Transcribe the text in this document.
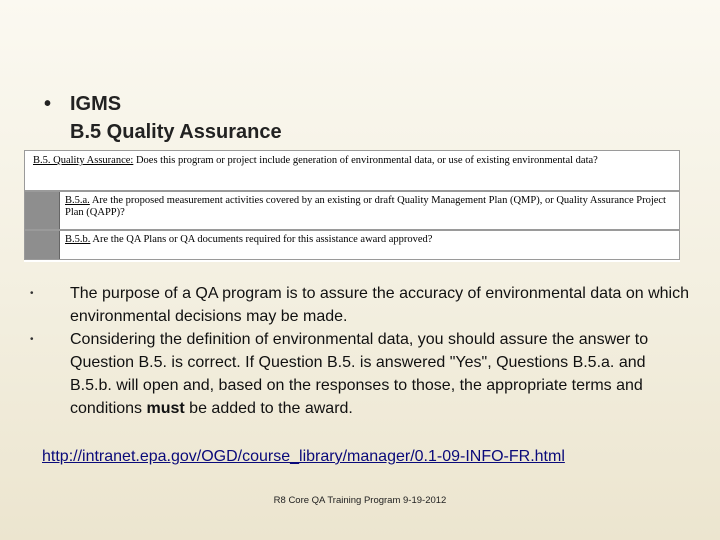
• IGMS
B.5 Quality Assurance
B.5. Quality Assurance: Does this program or project include generation of environmental data, or use of existing environmental data?
B.5.a. Are the proposed measurement activities covered by an existing or draft Quality Management Plan (QMP), or Quality Assurance Project Plan (QAPP)?
B.5.b. Are the QA Plans or QA documents required for this assistance award approved?

• The purpose of a QA program is to assure the accuracy of environmental data on which environmental decisions may be made.

• Considering the definition of environmental data, you should assure the answer to Question B.5. is correct. If Question B.5. is answered "Yes", Questions B.5.a. and B.5.b. will open and, based on the responses to those, the appropriate terms and conditions must be added to the award.

http://intranet.epa.gov/OGD/course_library/manager/0.1-09-INFO-FR.html
R8 Core QA Training Program 9-19-2012
